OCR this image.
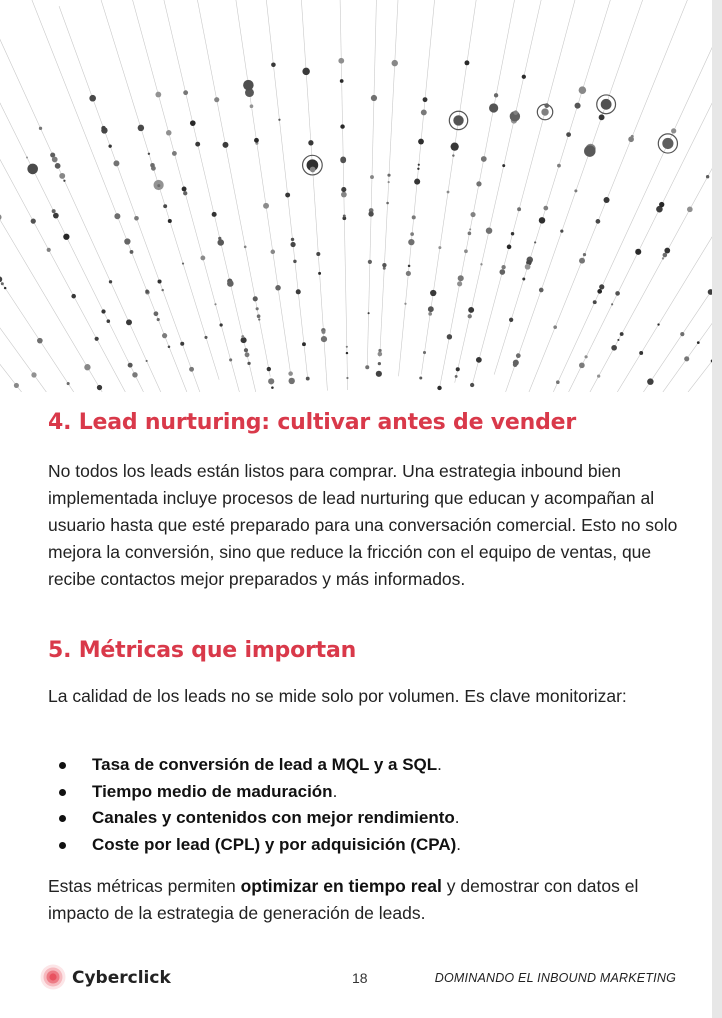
4. Lead nurturing: cultivar antes de vender

No todos los leads están listos para comprar. Una estrategia inbound bien implementada incluye procesos de lead nurturing que educan y acompañan al usuario hasta que esté preparado para una conversación comercial. Esto no solo mejora la conversión, sino que reduce la fricción con el equipo de ventas, que recibe contactos mejor preparados y más informados.

5. Métricas que importan

La calidad de los leads no se mide solo por volumen. Es clave monitorizar:

Tasa de conversión de lead a MQL y a SQL.
Tiempo medio de maduración.
Canales y contenidos con mejor rendimiento.
Coste por lead (CPL) y por adquisición (CPA).

Estas métricas permiten optimizar en tiempo real y demostrar con datos el impacto de la estrategia de generación de leads.

Cyberclick	18	DOMINANDO EL INBOUND MARKETING
